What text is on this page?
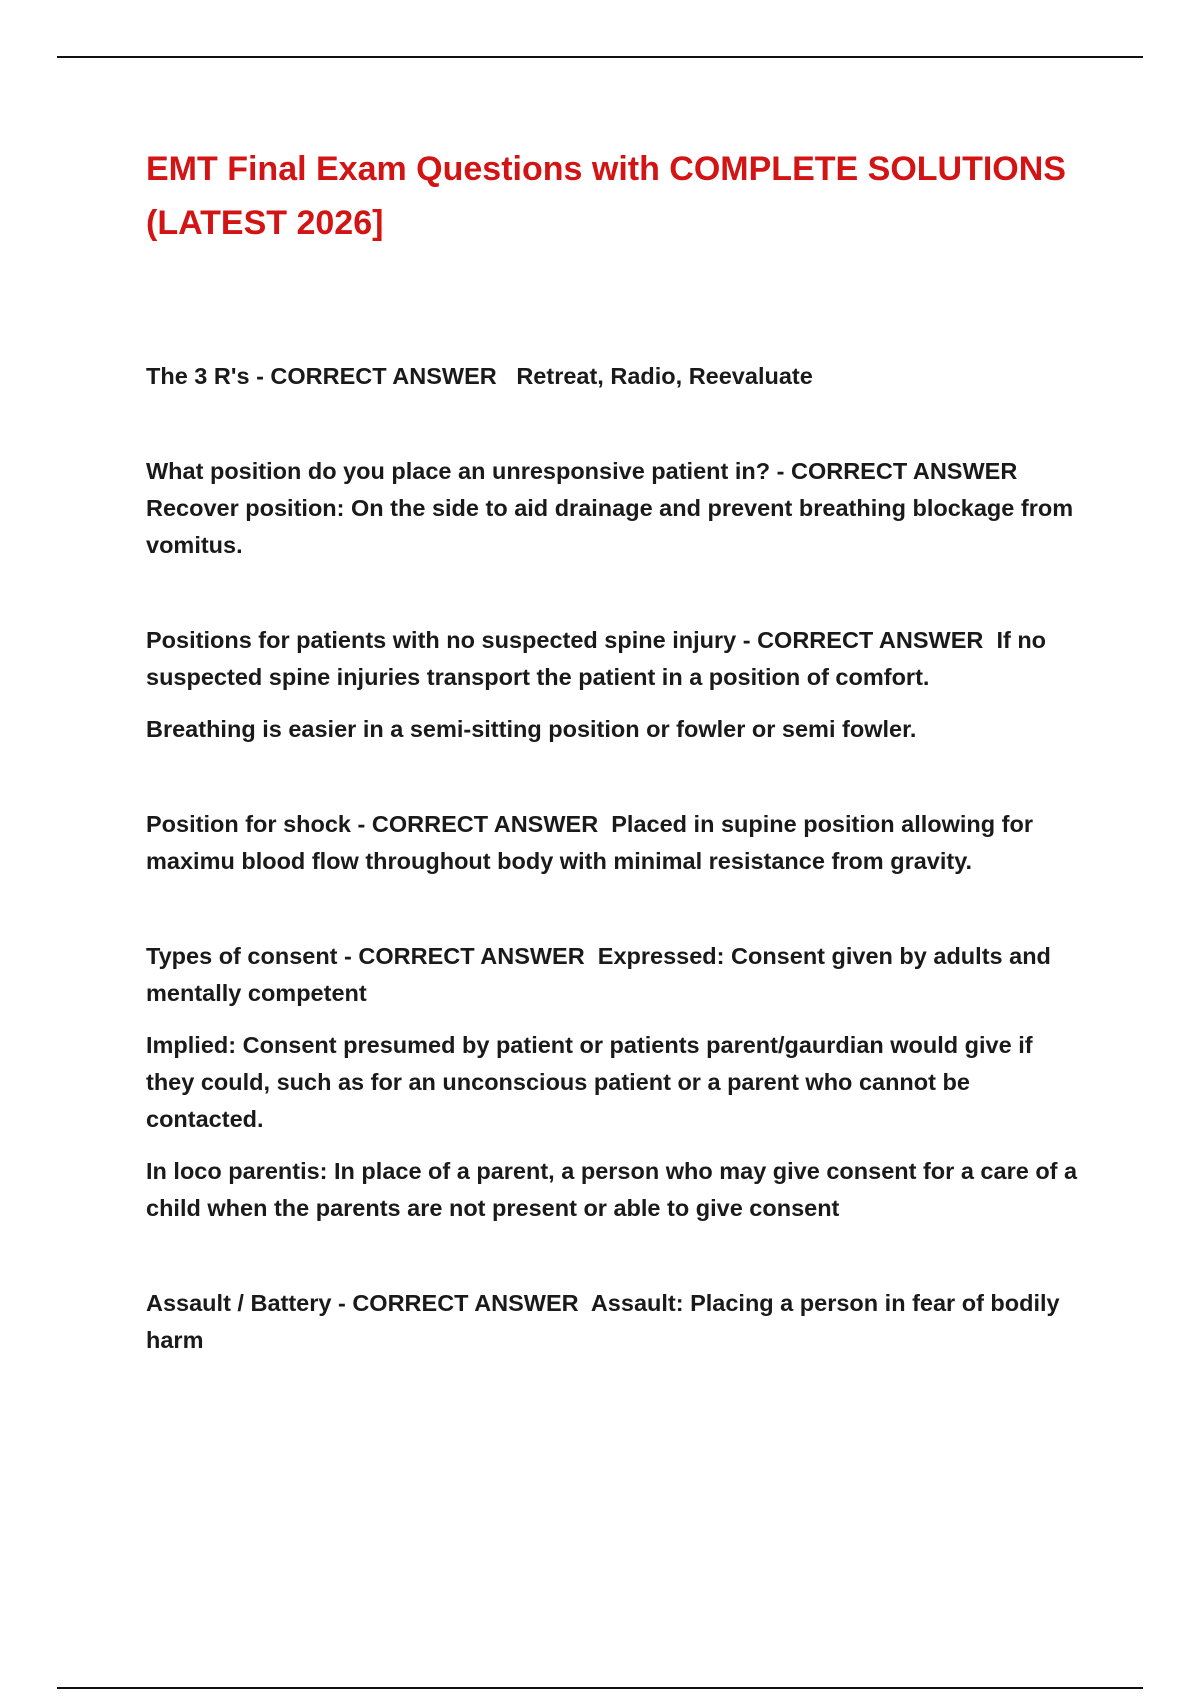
EMT Final Exam Questions with COMPLETE SOLUTIONS (LATEST 2026]

The 3 R's - CORRECT ANSWER Retreat, Radio, Reevaluate

What position do you place an unresponsive patient in? - CORRECT ANSWER Recover position: On the side to aid drainage and prevent breathing blockage from vomitus.

Positions for patients with no suspected spine injury - CORRECT ANSWER If no suspected spine injuries transport the patient in a position of comfort.

Breathing is easier in a semi-sitting position or fowler or semi fowler.

Position for shock - CORRECT ANSWER Placed in supine position allowing for maximu blood flow throughout body with minimal resistance from gravity.

Types of consent - CORRECT ANSWER Expressed: Consent given by adults and mentally competent

Implied: Consent presumed by patient or patients parent/gaurdian would give if they could, such as for an unconscious patient or a parent who cannot be contacted.

In loco parentis: In place of a parent, a person who may give consent for a care of a child when the parents are not present or able to give consent

Assault / Battery - CORRECT ANSWER Assault: Placing a person in fear of bodily harm
